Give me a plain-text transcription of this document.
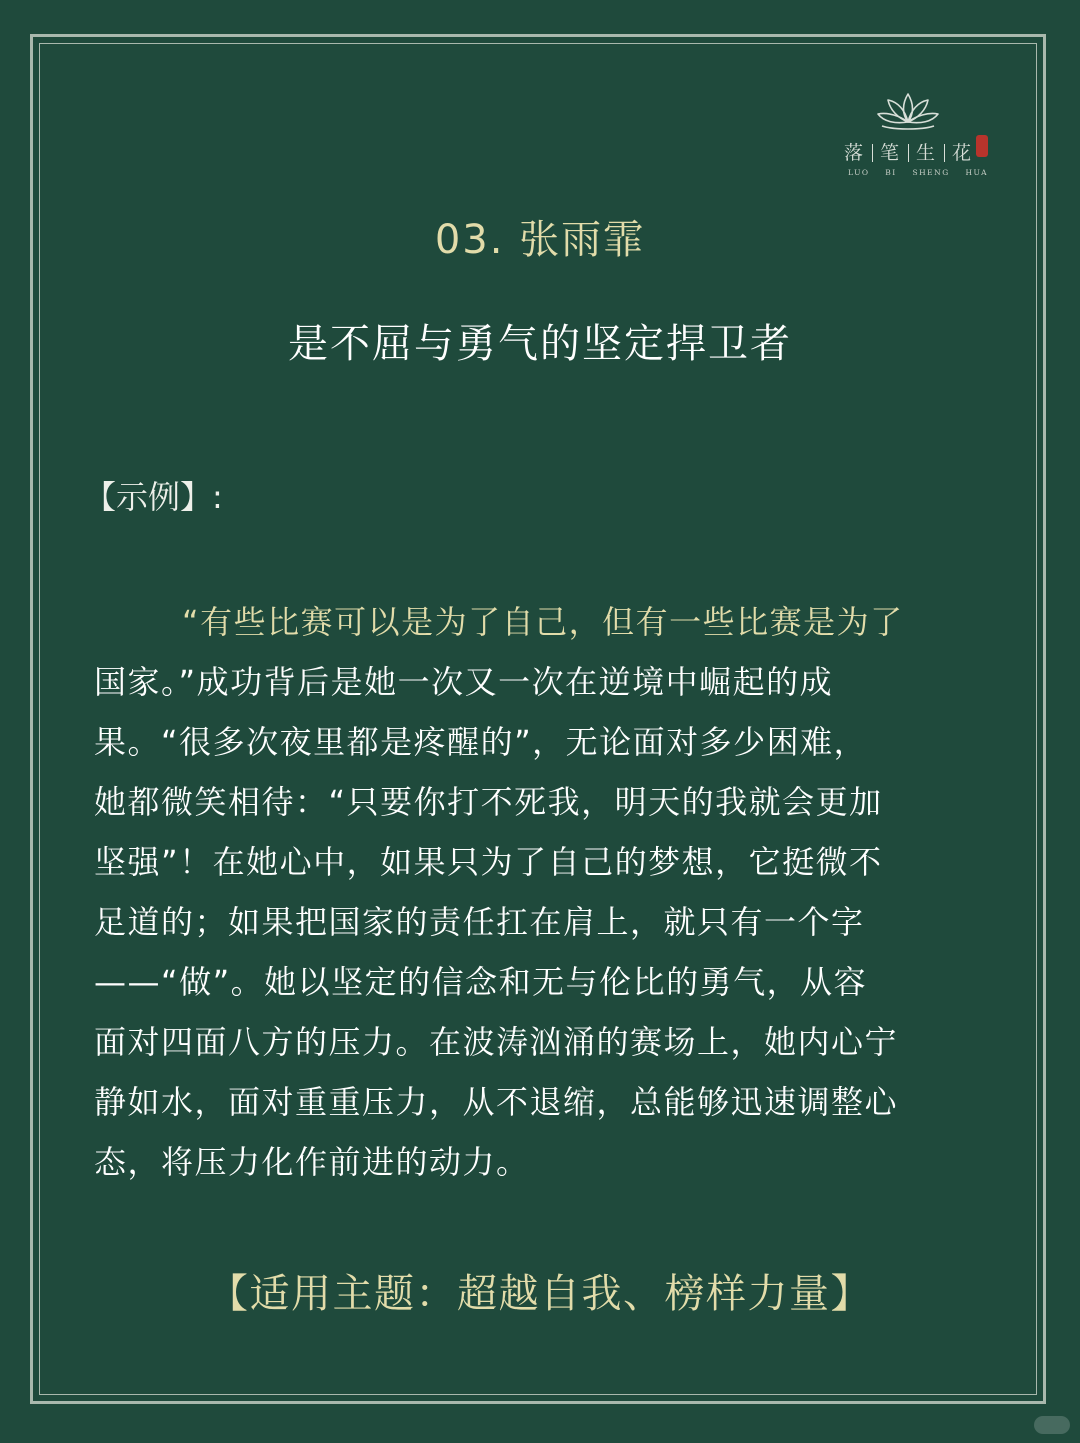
落 笔 生 花
LUO BI SHENG HUA
03. 张雨霏
是不屈与勇气的坚定捍卫者
【示例】:
“有些比赛可以是为了自己，但有一些比赛是为了
国家。”成功背后是她一次又一次在逆境中崛起的成
果。“很多次夜里都是疼醒的”，无论面对多少困难，
她都微笑相待：“只要你打不死我，明天的我就会更加
坚强”！在她心中，如果只为了自己的梦想，它挺微不
足道的；如果把国家的责任扛在肩上，就只有一个字
——“做”。她以坚定的信念和无与伦比的勇气，从容
面对四面八方的压力。在波涛汹涌的赛场上，她内心宁
静如水，面对重重压力，从不退缩，总能够迅速调整心
态，将压力化作前进的动力。
【适用主题：超越自我、榜样力量】
